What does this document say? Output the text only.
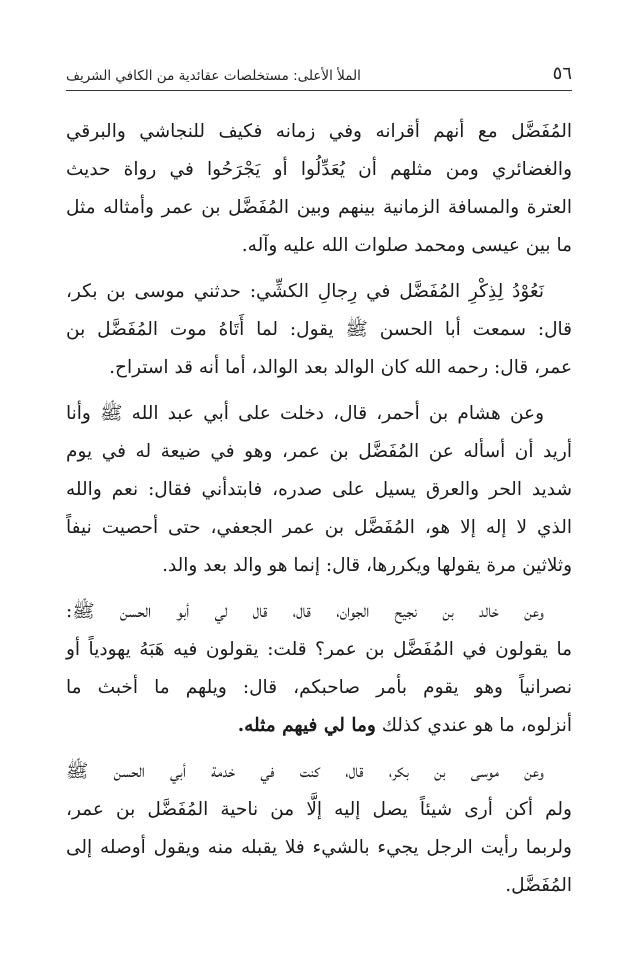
٥٦
الملأ الأعلى: مستخلصات عقائدية من الكافي الشريف

المُفَضَّل مع أنهم أقرانه وفي زمانه فكيف للنجاشي والبرقي
والغضائري ومن مثلهم أن يُعَدِّلُوا أو يَجْرَحُوا في رواة حديث
العترة والمسافة الزمانية بينهم وبين المُفَضَّل بن عمر وأمثاله مثل
ما بين عيسى ومحمد صلوات الله عليه وآله.

نَعُوْدُ لِذِكْرِ المُفَضَّل في رِجالِ الكشِّي: حدثني موسى بن بكر،
قال: سمعت أبا الحسن ﷺ يقول: لما أَتَاهُ موت المُفَضَّل بن
عمر، قال: رحمه الله كان الوالد بعد الوالد، أما أنه قد استراح.

وعن هشام بن أحمر، قال، دخلت على أبي عبد الله ﷺ وأنا
أريد أن أسأله عن المُفَضَّل بن عمر، وهو في ضيعة له في يوم
شديد الحر والعرق يسيل على صدره، فابتدأني فقال: نعم والله
الذي لا إله إلا هو، المُفَضَّل بن عمر الجعفي، حتى أحصيت نيفاً
وثلاثين مرة يقولها ويكررها، قال: إنما هو والد بعد والد.

وعن خالد بن نجيح الجوان، قال، قال لي أبو الحسن ﷺ:
ما يقولون في المُفَضَّل بن عمر؟ قلت: يقولون فيه هَبَهُ يهودياً أو
نصرانياً وهو يقوم بأمر صاحبكم، قال: ويلهم ما أخبث ما
أنزلوه، ما هو عندي كذلك وما لي فيهم مثله.

وعن موسى بن بكر، قال، كنت في خدمة أبي الحسن ﷺ
ولم أكن أرى شيئاً يصل إليه إلَّا من ناحية المُفَضَّل بن عمر،
ولربما رأيت الرجل يجيء بالشيء فلا يقبله منه ويقول أوصله إلى
المُفَضَّل.
